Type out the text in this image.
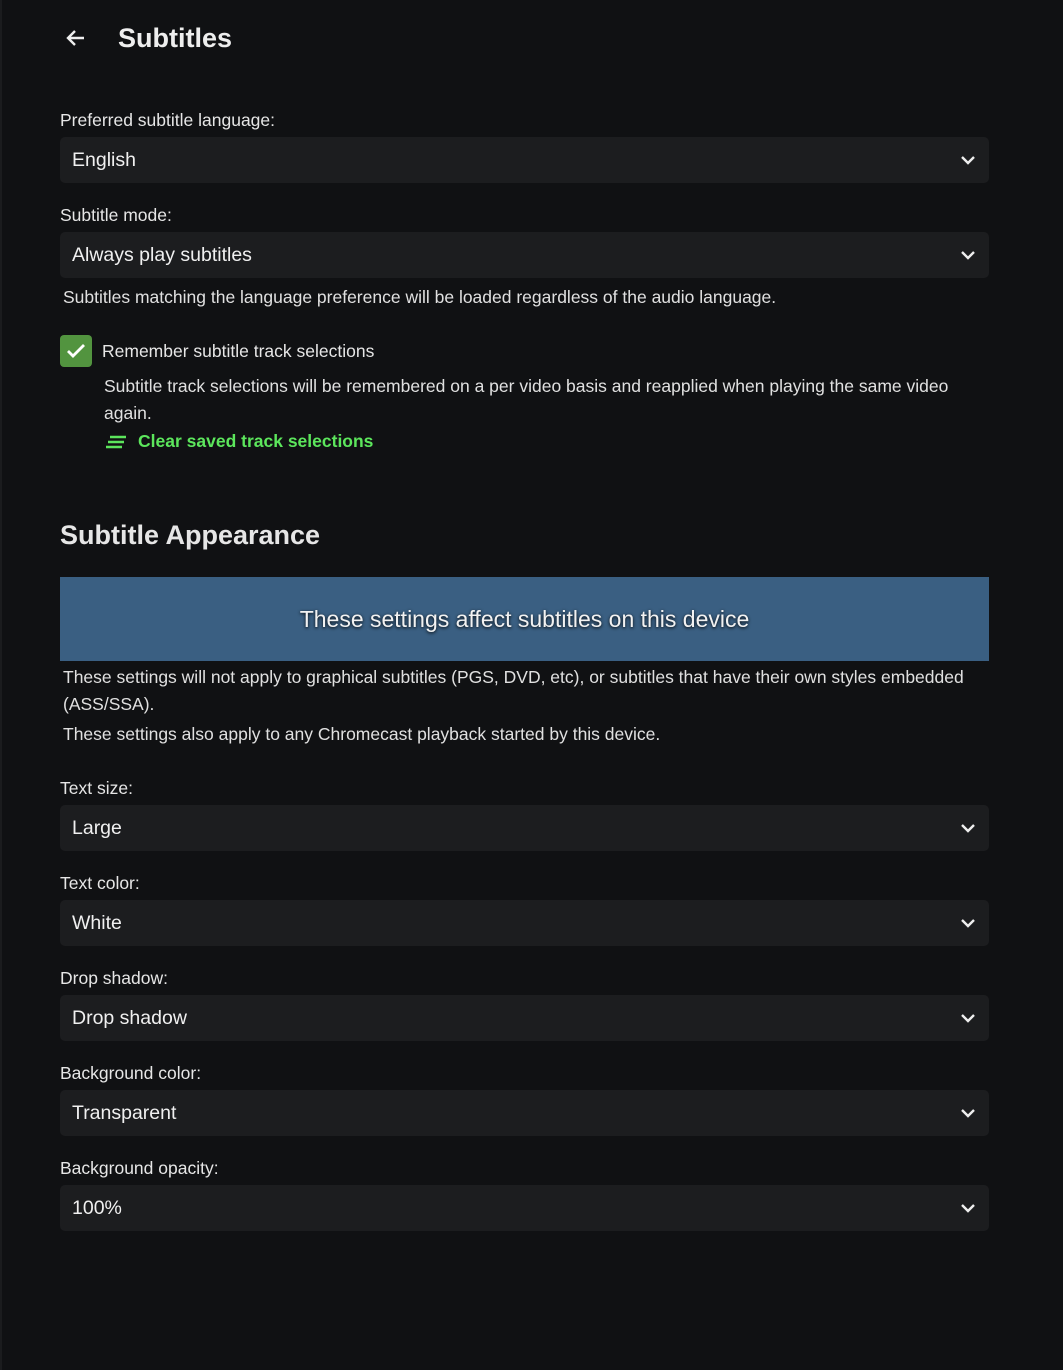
Subtitles
Preferred subtitle language:
English
Subtitle mode:
Always play subtitles
Subtitles matching the language preference will be loaded regardless of the audio language.
Remember subtitle track selections
Subtitle track selections will be remembered on a per video basis and reapplied when playing the same video again.
Clear saved track selections
Subtitle Appearance
These settings affect subtitles on this device
These settings will not apply to graphical subtitles (PGS, DVD, etc), or subtitles that have their own styles embedded (ASS/SSA).
These settings also apply to any Chromecast playback started by this device.
Text size:
Large
Text color:
White
Drop shadow:
Drop shadow
Background color:
Transparent
Background opacity:
100%
